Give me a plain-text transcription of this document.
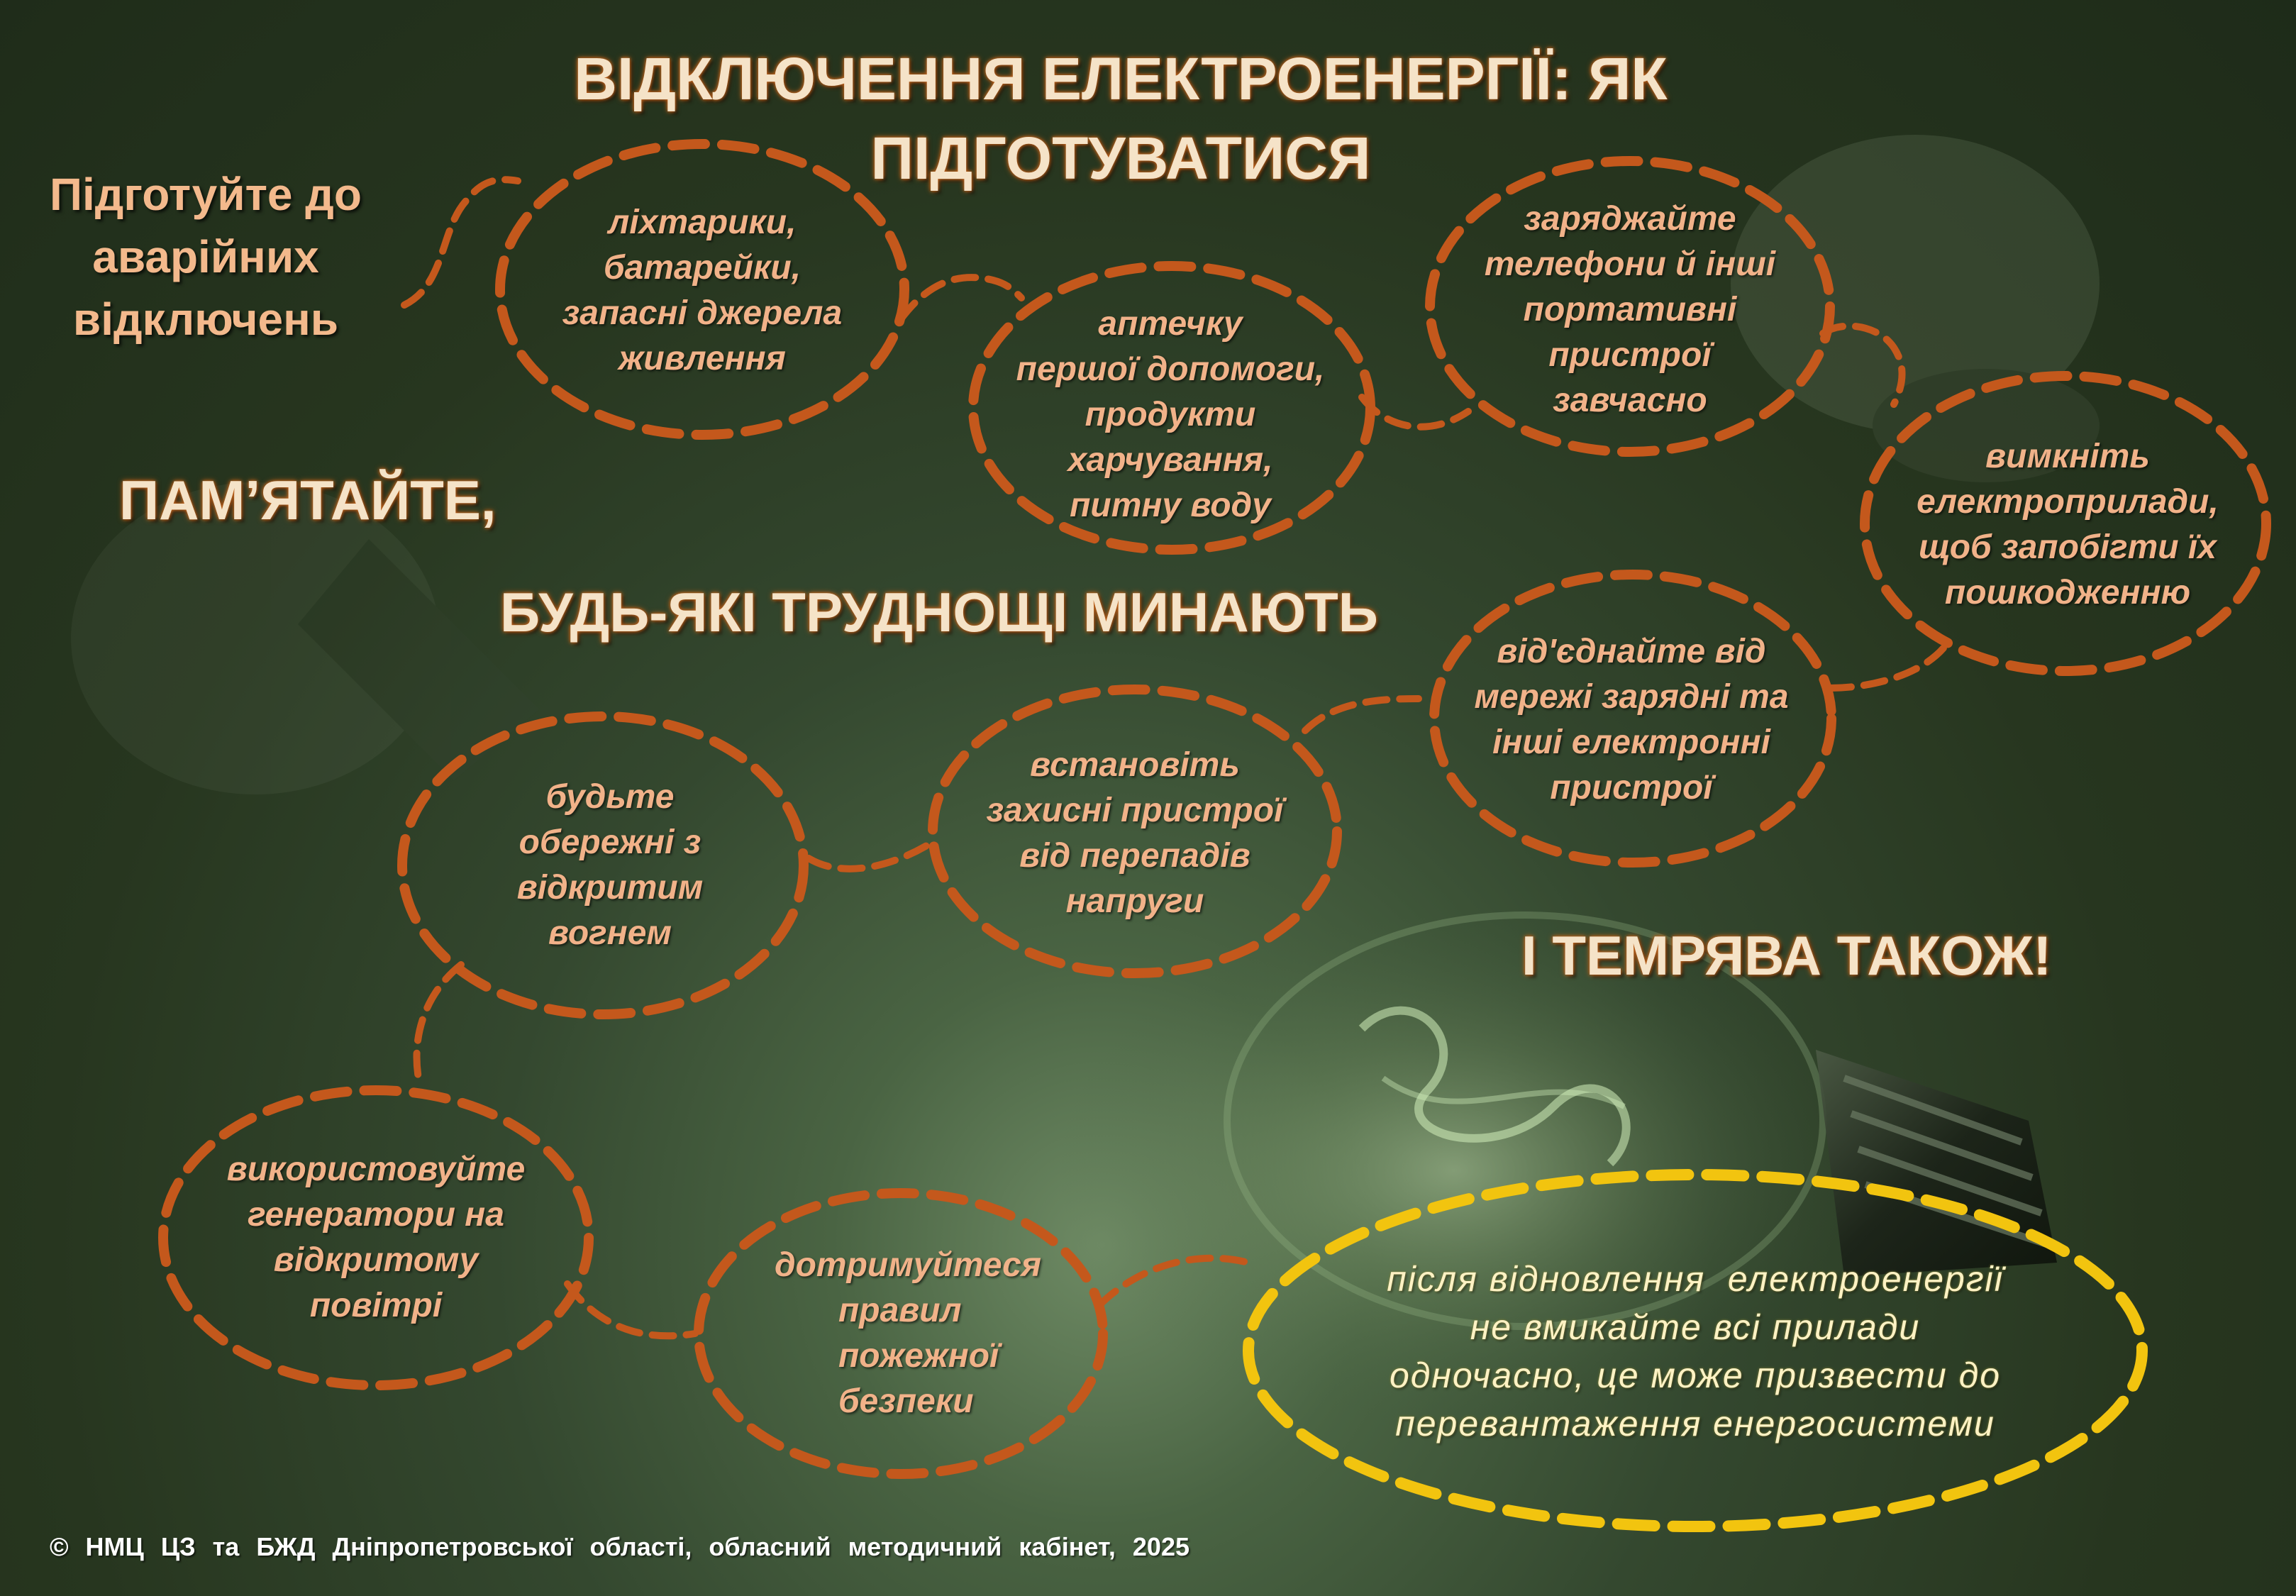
ВІДКЛЮЧЕННЯ ЕЛЕКТРОЕНЕРГІЇ: ЯК ПІДГОТУВАТИСЯ
Підготуйте до
аварійних
відключень
ПАМ’ЯТАЙТЕ,
БУДЬ-ЯКІ ТРУДНОЩІ МИНАЮТЬ
І ТЕМРЯВА ТАКОЖ!
ліхтарики,
батарейки,
запасні джерела
живлення
аптечку
першої допомоги,
продукти
харчування,
питну воду
заряджайте
телефони й інші
портативні
пристрої
завчасно
вимкніть
електроприлади,
щоб запобігти їх
пошкодженню
від'єднайте від
мережі зарядні та
інші електронні
пристрої
встановіть
захисні пристрої
від перепадів
напруги
будьте
обережні з
відкритим
вогнем
використовуйте
генератори на
відкритому
повітрі
дотримуйтеся
правил
пожежної
безпеки
після відновлення  електроенергії
не вмикайте всі прилади
одночасно, це може призвести до
перевантаження енергосистеми
© НМЦ ЦЗ та БЖД Дніпропетровської області, обласний методичний кабінет, 2025
